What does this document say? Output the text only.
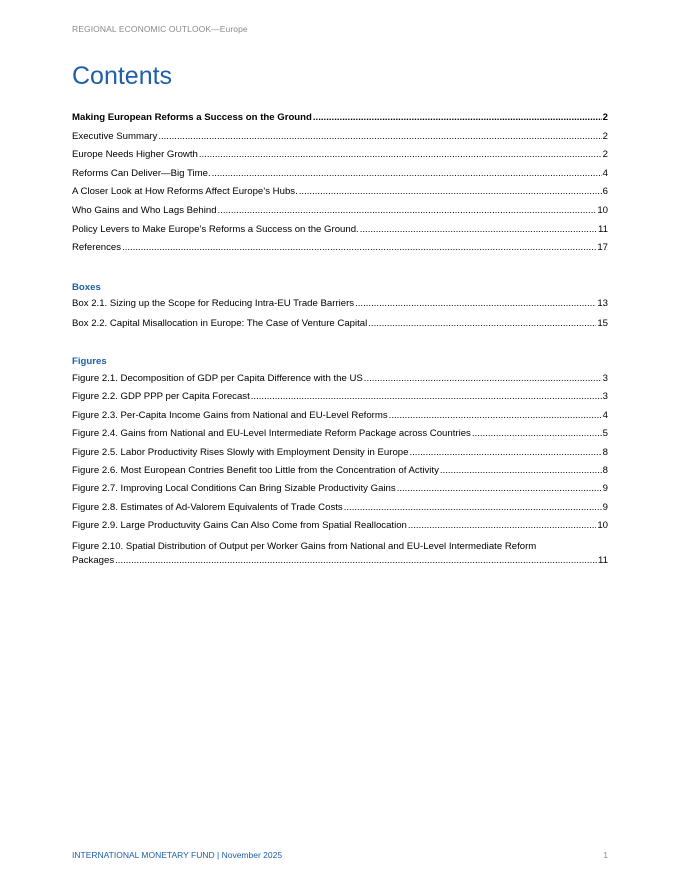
REGIONAL ECONOMIC OUTLOOK—Europe
Contents
Making European Reforms a Success on the Ground .....	2
Executive Summary .....	2
Europe Needs Higher Growth .....	2
Reforms Can Deliver—Big Time. .....	4
A Closer Look at How Reforms Affect Europe’s Hubs. .....	6
Who Gains and Who Lags Behind .....	10
Policy Levers to Make Europe’s Reforms a Success on the Ground. .....	11
References .....	17
Boxes
Box 2.1. Sizing up the Scope for Reducing Intra-EU Trade Barriers .....	13
Box 2.2. Capital Misallocation in Europe: The Case of Venture Capital .....	15
Figures
Figure 2.1. Decomposition of GDP per Capita Difference with the US .....	3
Figure 2.2. GDP PPP per Capita Forecast .....	3
Figure 2.3. Per-Capita Income Gains from National and EU-Level Reforms .....	4
Figure 2.4. Gains from National and EU-Level Intermediate Reform Package across Countries .....	5
Figure 2.5. Labor Productivity Rises Slowly with Employment Density in Europe .....	8
Figure 2.6. Most European Contries Benefit too Little from the Concentration of Activity .....	8
Figure 2.7. Improving Local Conditions Can Bring Sizable Productivity Gains .....	9
Figure 2.8. Estimates of Ad-Valorem Equivalents of Trade Costs .....	9
Figure 2.9. Large Productuvity Gains Can Also Come from Spatial Reallocation .....	10
Figure 2.10. Spatial Distribution of Output per Worker Gains from National and EU-Level Intermediate Reform
Packages .....	11
INTERNATIONAL MONETARY FUND | November 2025	1
